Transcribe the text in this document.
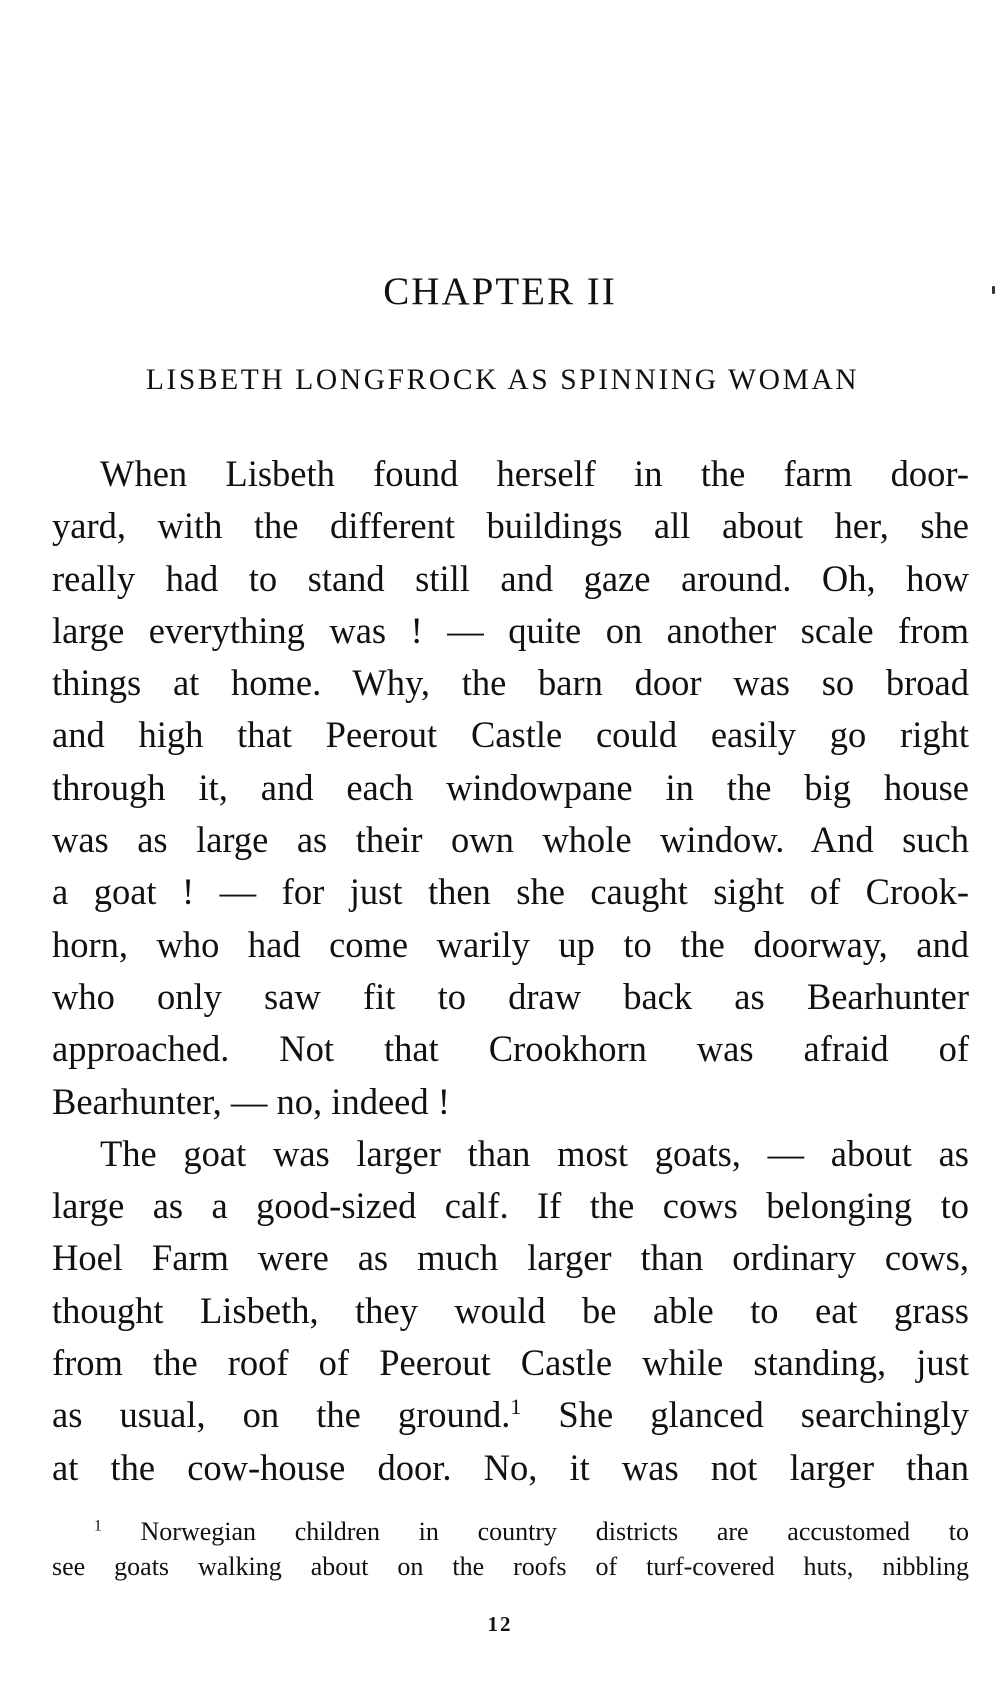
CHAPTER II
LISBETH LONGFROCK AS SPINNING WOMAN
When Lisbeth found herself in the farm door-
yard, with the different buildings all about her, she
really had to stand still and gaze around. Oh, how
large everything was ! — quite on another scale from
things at home. Why, the barn door was so broad
and high that Peerout Castle could easily go right
through it, and each windowpane in the big house
was as large as their own whole window. And such
a goat ! — for just then she caught sight of Crook-
horn, who had come warily up to the doorway, and
who only saw fit to draw back as Bearhunter
approached. Not that Crookhorn was afraid of
Bearhunter, — no, indeed !
The goat was larger than most goats, — about as
large as a good-sized calf. If the cows belonging to
Hoel Farm were as much larger than ordinary cows,
thought Lisbeth, they would be able to eat grass
from the roof of Peerout Castle while standing, just
as usual, on the ground.$^1$ She glanced searchingly
at the cow-house door. No, it was not larger than
$^1$ Norwegian children in country districts are accustomed to
see goats walking about on the roofs of turf-covered huts, nibbling
12
